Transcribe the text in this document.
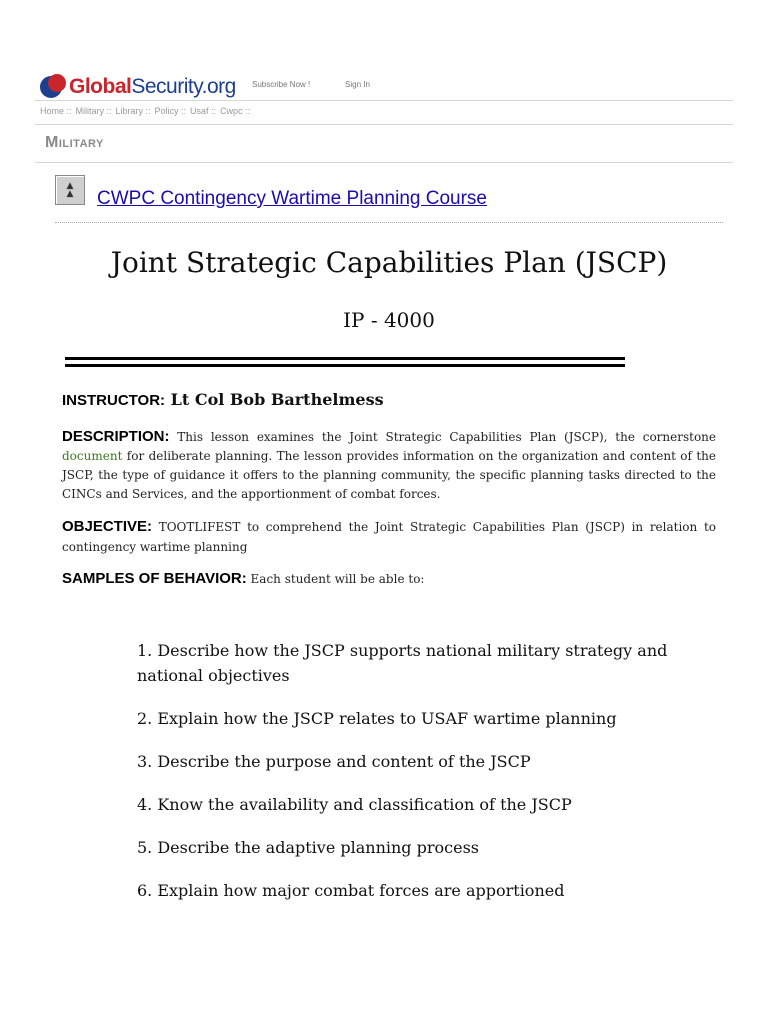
GlobalSecurity.org Subscribe Now !	Sign In
Home :: Military :: Library :: Policy :: Usaf :: Cwpc ::
Military
▲
▲ CWPC Contingency Wartime Planning Course
Joint Strategic Capabilities Plan (JSCP)
IP - 4000

INSTRUCTOR: Lt Col Bob Barthelmess

DESCRIPTION: This lesson examines the Joint Strategic Capabilities Plan (JSCP), the cornerstone document for deliberate planning. The lesson provides information on the organization and content of the JSCP, the type of guidance it offers to the planning community, the specific planning tasks directed to the CINCs and Services, and the apportionment of combat forces.

OBJECTIVE: TOOTLIFEST to comprehend the Joint Strategic Capabilities Plan (JSCP) in relation to contingency wartime planning

SAMPLES OF BEHAVIOR: Each student will be able to:

1. Describe how the JSCP supports national military strategy and national objectives
2. Explain how the JSCP relates to USAF wartime planning
3. Describe the purpose and content of the JSCP
4. Know the availability and classification of the JSCP
5. Describe the adaptive planning process
6. Explain how major combat forces are apportioned
